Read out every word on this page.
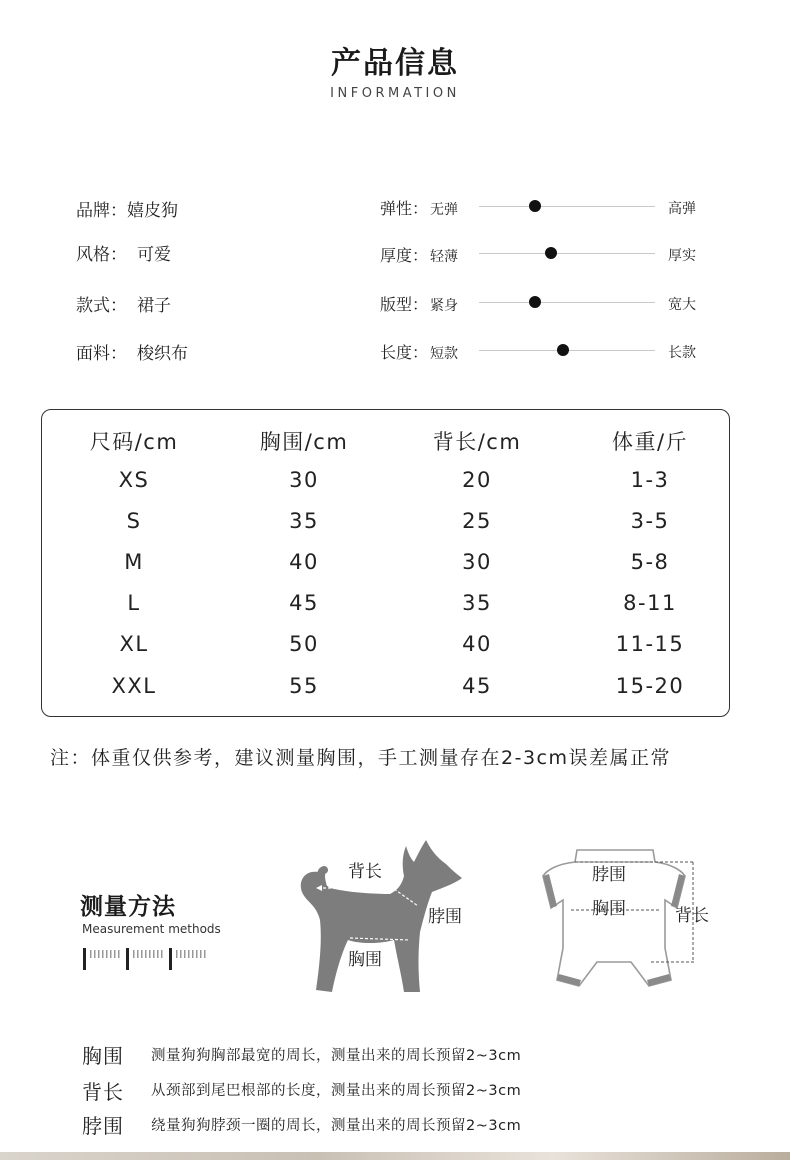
产品信息
INFORMATION
品牌：嬉皮狗
风格： 可爱
款式： 裙子
面料： 梭织布
弹性： 无弹	高弹
厚度： 轻薄	厚实
版型： 紧身	宽大
长度： 短款	长款
尺码/cm	胸围/cm	背长/cm	体重/斤
XS	30	20	1-3
S	35	25	3-5
M	40	30	5-8
L	45	35	8-11
XL	50	40	11-15
XXL	55	45	15-20
注：体重仅供参考，建议测量胸围，手工测量存在2-3cm误差属正常
测量方法
Measurement methods
背长
脖围
胸围
脖围
胸围	背长
胸围 测量狗狗胸部最宽的周长，测量出来的周长预留2~3cm
背长 从颈部到尾巴根部的长度，测量出来的周长预留2~3cm
脖围 绕量狗狗脖颈一圈的周长，测量出来的周长预留2~3cm
